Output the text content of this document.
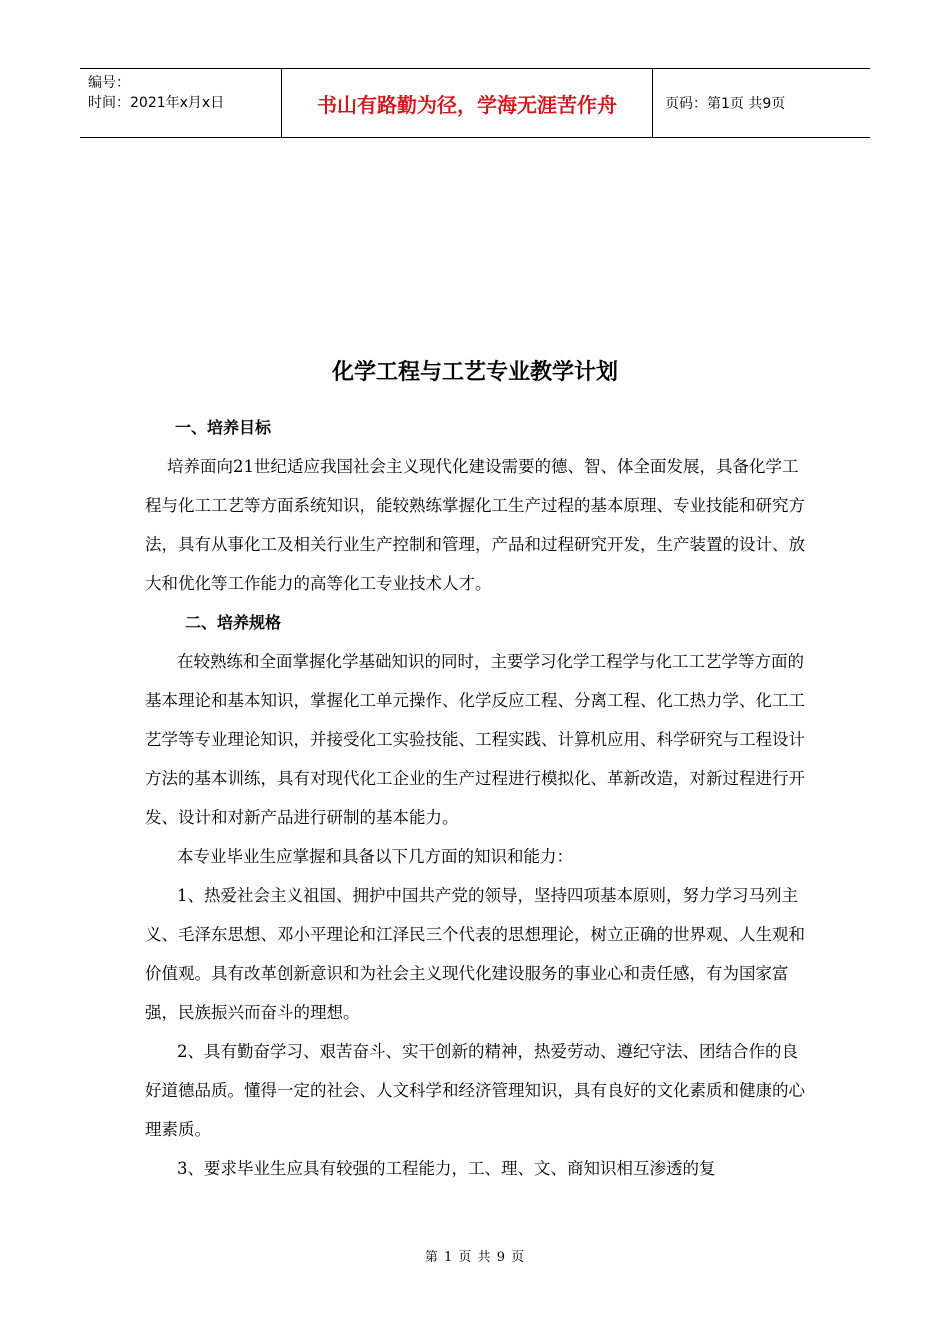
编号：
时间：2021年x月x日	书山有路勤为径，学海无涯苦作舟	页码：第1页 共9页
化学工程与工艺专业教学计划

一、培养目标

培养面向21世纪适应我国社会主义现代化建设需要的德、智、体全面发展，具备化学工程与化工工艺等方面系统知识，能较熟练掌握化工生产过程的基本原理、专业技能和研究方法，具有从事化工及相关行业生产控制和管理，产品和过程研究开发，生产装置的设计、放大和优化等工作能力的高等化工专业技术人才。

二、培养规格

在较熟练和全面掌握化学基础知识的同时，主要学习化学工程学与化工工艺学等方面的基本理论和基本知识，掌握化工单元操作、化学反应工程、分离工程、化工热力学、化工工艺学等专业理论知识，并接受化工实验技能、工程实践、计算机应用、科学研究与工程设计方法的基本训练，具有对现代化工企业的生产过程进行模拟化、革新改造，对新过程进行开发、设计和对新产品进行研制的基本能力。

本专业毕业生应掌握和具备以下几方面的知识和能力：

1、热爱社会主义祖国、拥护中国共产党的领导，坚持四项基本原则，努力学习马列主义、毛泽东思想、邓小平理论和江泽民三个代表的思想理论，树立正确的世界观、人生观和价值观。具有改革创新意识和为社会主义现代化建设服务的事业心和责任感，有为国家富强，民族振兴而奋斗的理想。

2、具有勤奋学习、艰苦奋斗、实干创新的精神，热爱劳动、遵纪守法、团结合作的良好道德品质。懂得一定的社会、人文科学和经济管理知识，具有良好的文化素质和健康的心理素质。

3、要求毕业生应具有较强的工程能力，工、理、文、商知识相互渗透的复

第 1 页 共 9 页
